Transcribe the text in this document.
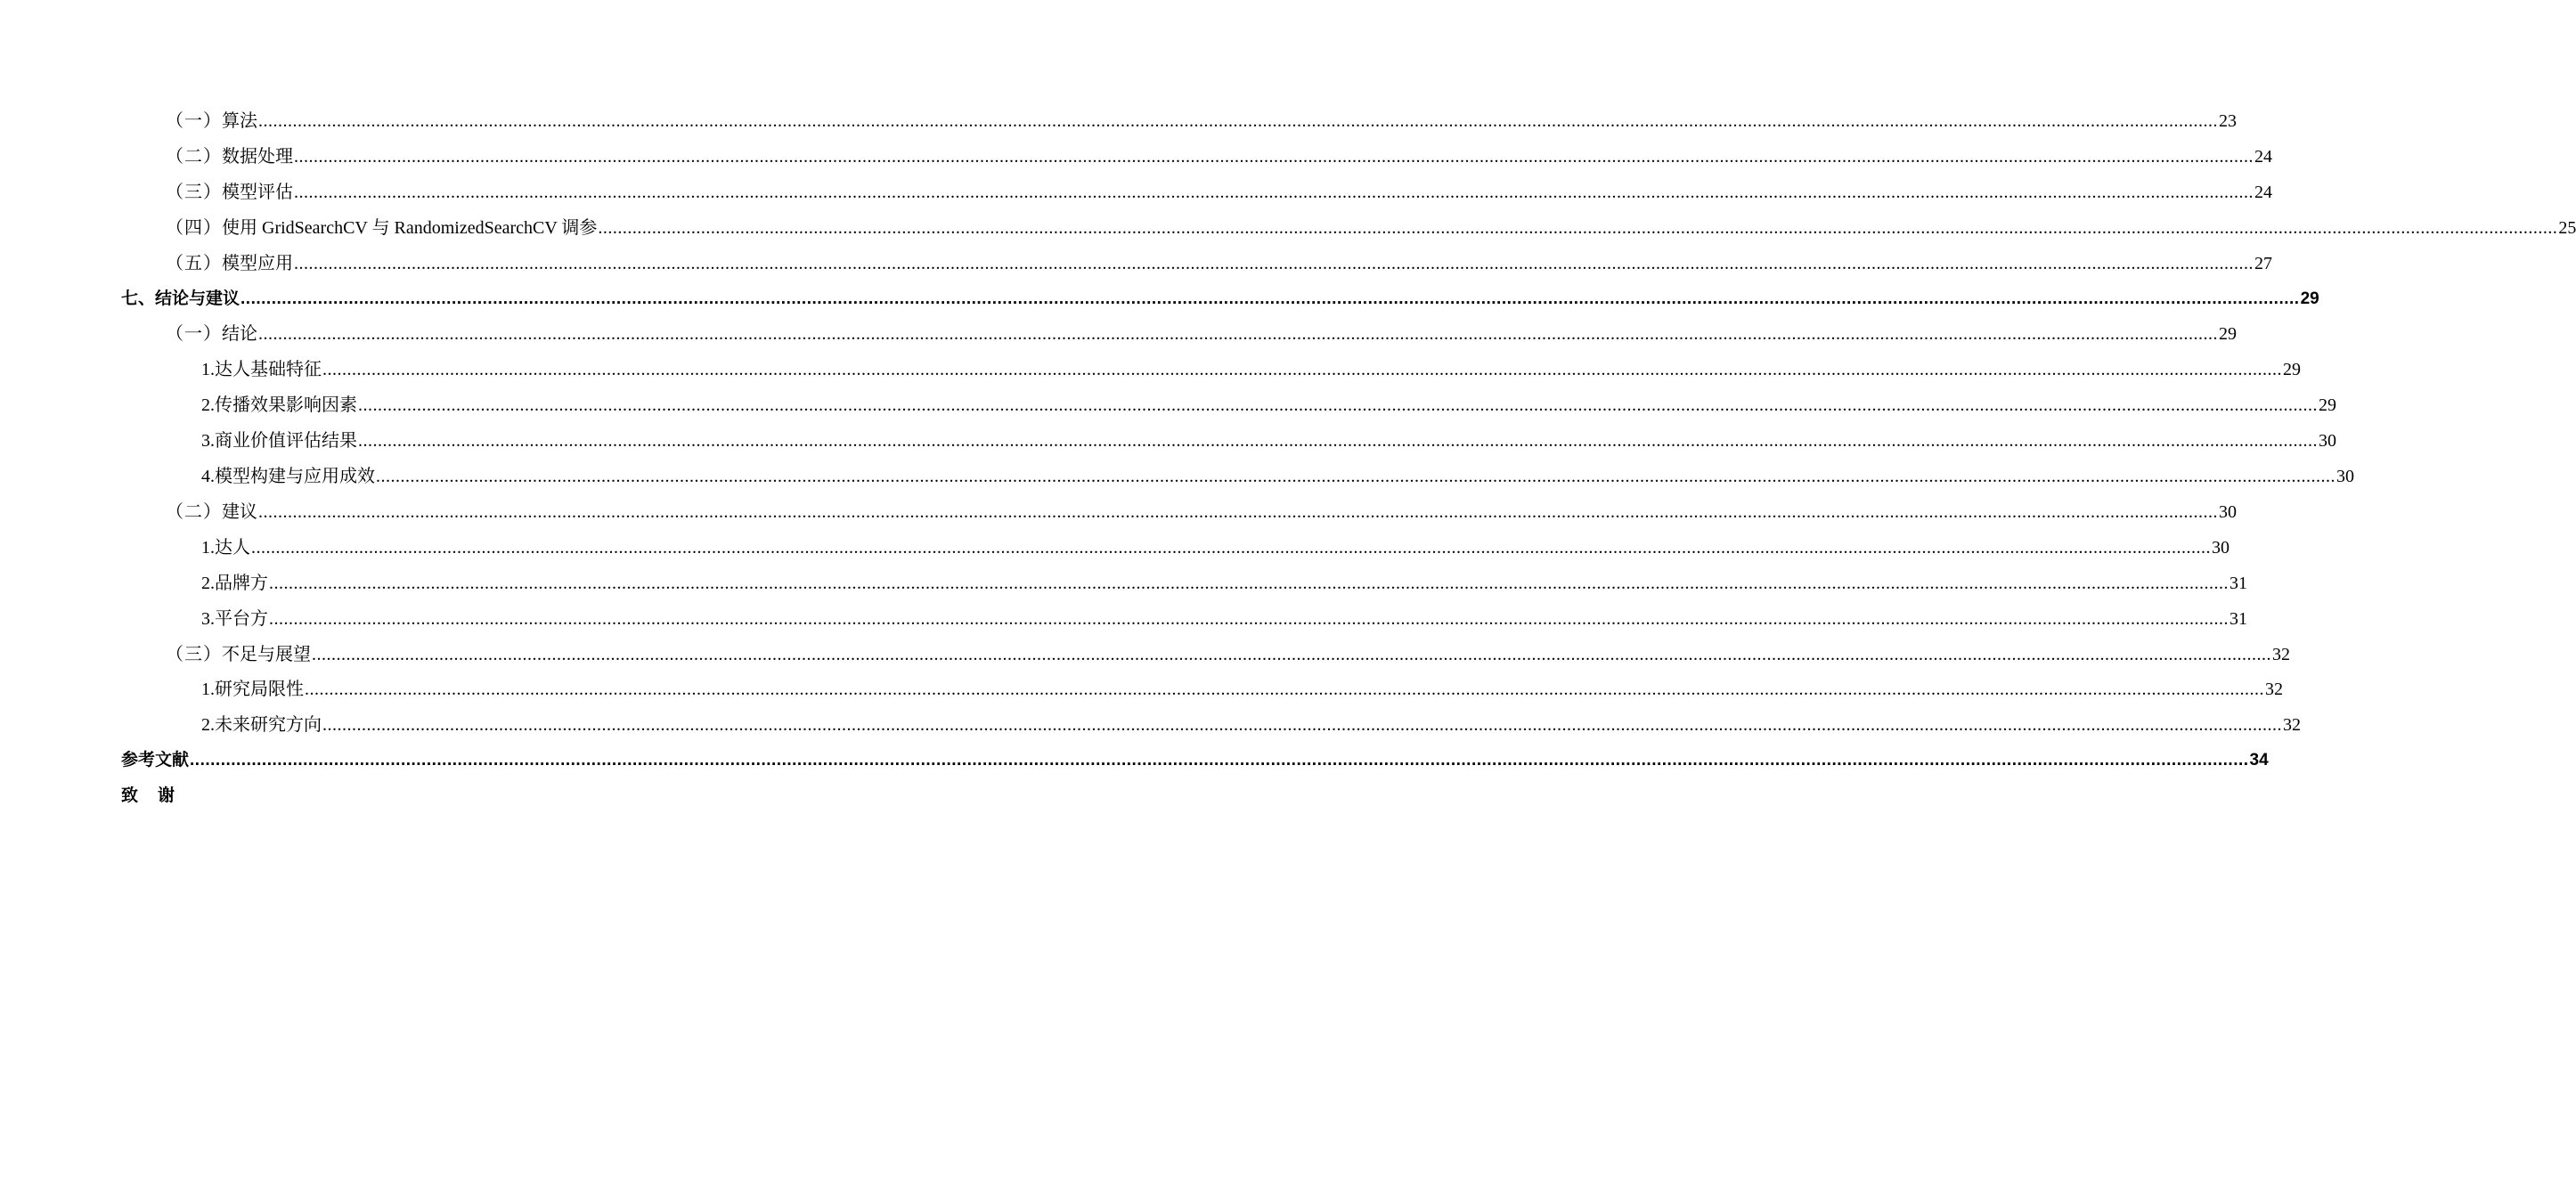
（一） 算法 ................................................................................................................................................................................................................................................................................................................................................................................................................ 23
（二） 数据处理 ................................................................................................................................................................................................................................................................................................................................................................................................................ 24
（三） 模型评估 ................................................................................................................................................................................................................................................................................................................................................................................................................ 24
（四） 使用 GridSearchCV 与 RandomizedSearchCV 调参 ................................................................................................................................................................................................................................................................................................................................................................................................................ 25
（五） 模型应用 ................................................................................................................................................................................................................................................................................................................................................................................................................ 27
七、 结论与建议 ................................................................................................................................................................................................................................................................................................................................................................................................................ 29
（一） 结论 ................................................................................................................................................................................................................................................................................................................................................................................................................ 29
1. 达人基础特征 ................................................................................................................................................................................................................................................................................................................................................................................................................ 29
2. 传播效果影响因素 ................................................................................................................................................................................................................................................................................................................................................................................................................ 29
3. 商业价值评估结果 ................................................................................................................................................................................................................................................................................................................................................................................................................ 30
4. 模型构建与应用成效 ................................................................................................................................................................................................................................................................................................................................................................................................................ 30
（二） 建议 ................................................................................................................................................................................................................................................................................................................................................................................................................ 30
1. 达人 ................................................................................................................................................................................................................................................................................................................................................................................................................ 30
2. 品牌方 ................................................................................................................................................................................................................................................................................................................................................................................................................ 31
3. 平台方 ................................................................................................................................................................................................................................................................................................................................................................................................................ 31
（三） 不足与展望 ................................................................................................................................................................................................................................................................................................................................................................................................................ 32
1. 研究局限性 ................................................................................................................................................................................................................................................................................................................................................................................................................ 32
2. 未来研究方向 ................................................................................................................................................................................................................................................................................................................................................................................................................ 32
参考文献 ................................................................................................................................................................................................................................................................................................................................................................................................................ 34
致谢
